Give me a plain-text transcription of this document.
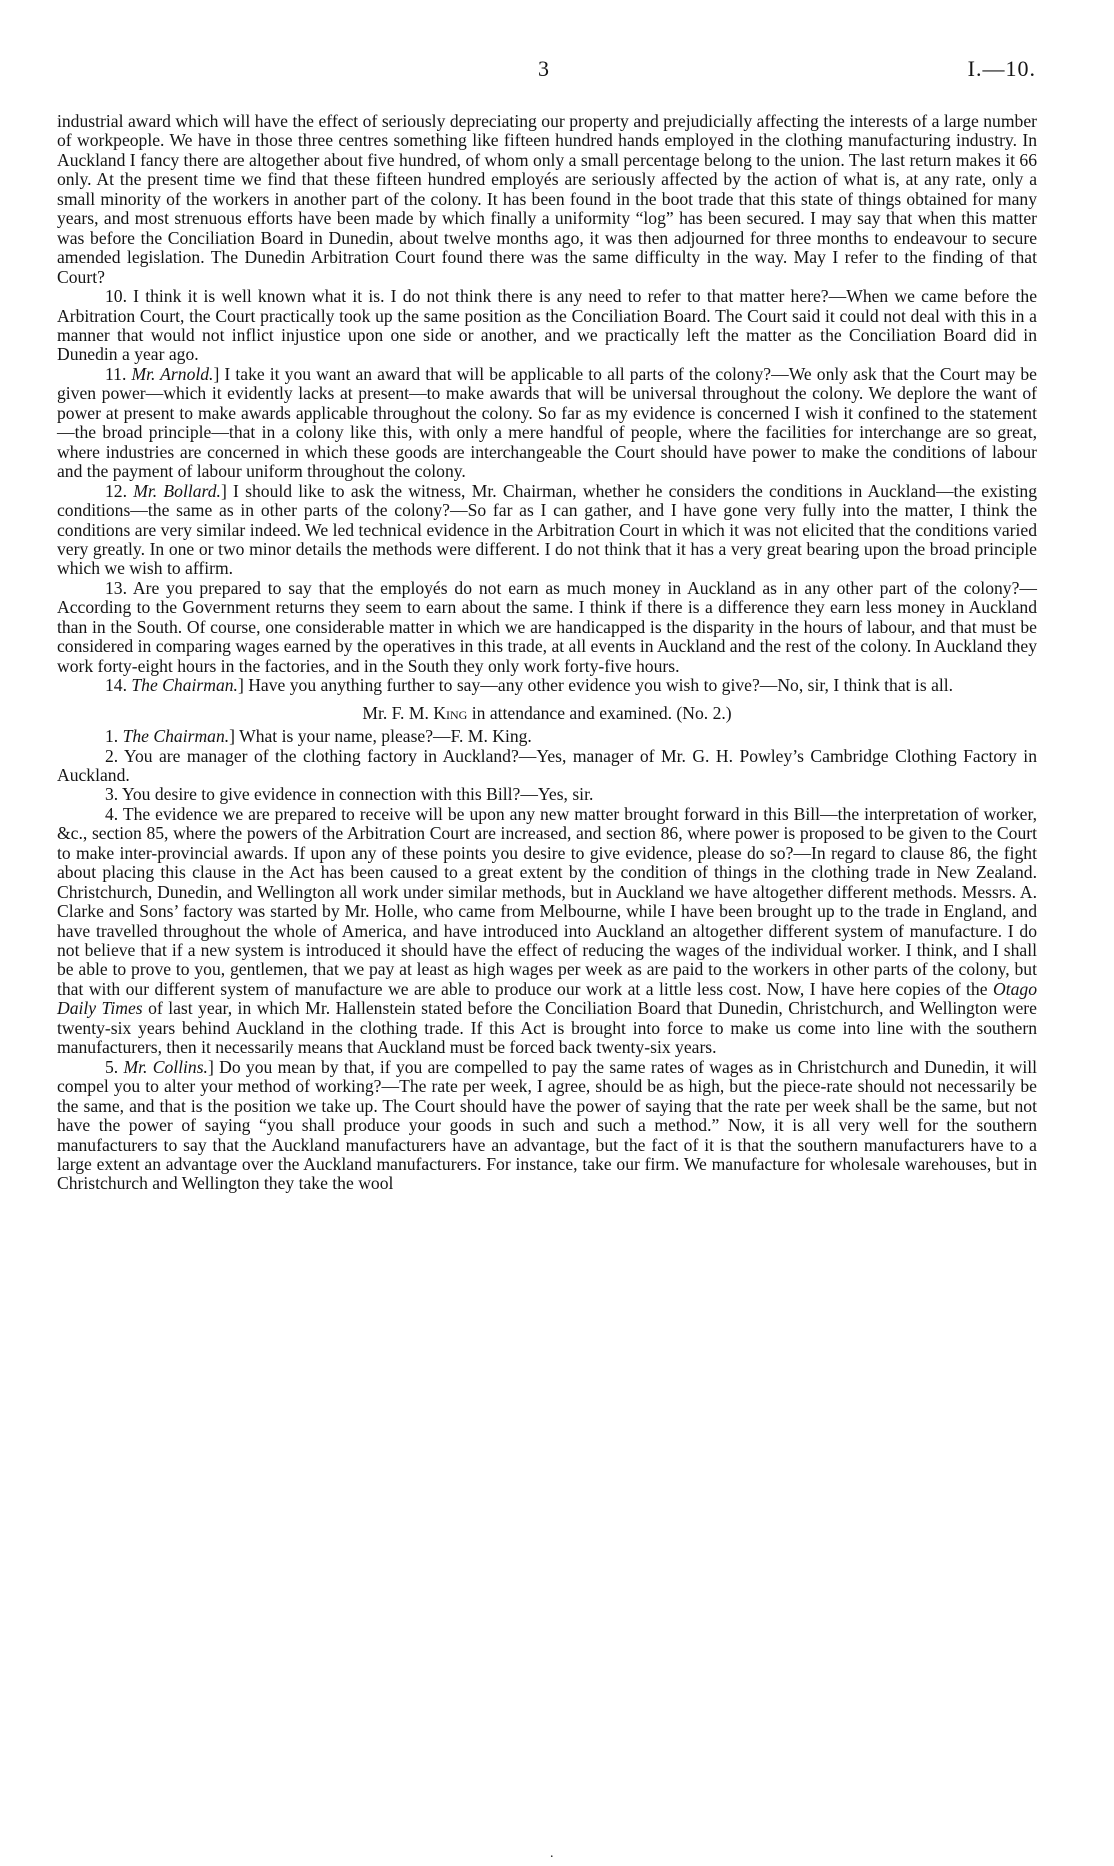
3	I.—10.

industrial award which will have the effect of seriously depreciating our property and prejudicially affecting the interests of a large number of workpeople. We have in those three centres something like fifteen hundred hands employed in the clothing manufacturing industry. In Auckland I fancy there are altogether about five hundred, of whom only a small percentage belong to the union. The last return makes it 66 only. At the present time we find that these fifteen hundred employés are seriously affected by the action of what is, at any rate, only a small minority of the workers in another part of the colony. It has been found in the boot trade that this state of things obtained for many years, and most strenuous efforts have been made by which finally a uniformity “log” has been secured. I may say that when this matter was before the Conciliation Board in Dunedin, about twelve months ago, it was then adjourned for three months to endeavour to secure amended legislation. The Dunedin Arbitration Court found there was the same difficulty in the way. May I refer to the finding of that Court?

10. I think it is well known what it is. I do not think there is any need to refer to that matter here?—When we came before the Arbitration Court, the Court practically took up the same position as the Conciliation Board. The Court said it could not deal with this in a manner that would not inflict injustice upon one side or another, and we practically left the matter as the Conciliation Board did in Dunedin a year ago.

11. Mr. Arnold.] I take it you want an award that will be applicable to all parts of the colony?—We only ask that the Court may be given power—which it evidently lacks at present—to make awards that will be universal throughout the colony. We deplore the want of power at present to make awards applicable throughout the colony. So far as my evidence is concerned I wish it confined to the statement—the broad principle—that in a colony like this, with only a mere handful of people, where the facilities for interchange are so great, where industries are concerned in which these goods are interchangeable the Court should have power to make the conditions of labour and the payment of labour uniform throughout the colony.

12. Mr. Bollard.] I should like to ask the witness, Mr. Chairman, whether he considers the conditions in Auckland—the existing conditions—the same as in other parts of the colony?—So far as I can gather, and I have gone very fully into the matter, I think the conditions are very similar indeed. We led technical evidence in the Arbitration Court in which it was not elicited that the conditions varied very greatly. In one or two minor details the methods were different. I do not think that it has a very great bearing upon the broad principle which we wish to affirm.

13. Are you prepared to say that the employés do not earn as much money in Auckland as in any other part of the colony?—According to the Government returns they seem to earn about the same. I think if there is a difference they earn less money in Auckland than in the South. Of course, one considerable matter in which we are handicapped is the disparity in the hours of labour, and that must be considered in comparing wages earned by the operatives in this trade, at all events in Auckland and the rest of the colony. In Auckland they work forty-eight hours in the factories, and in the South they only work forty-five hours.

14. The Chairman.] Have you anything further to say—any other evidence you wish to give?—No, sir, I think that is all.

Mr. F. M. King in attendance and examined. (No. 2.)

1. The Chairman.] What is your name, please?—F. M. King.

2. You are manager of the clothing factory in Auckland?—Yes, manager of Mr. G. H. Powley’s Cambridge Clothing Factory in Auckland.

3. You desire to give evidence in connection with this Bill?—Yes, sir.

4. The evidence we are prepared to receive will be upon any new matter brought forward in this Bill—the interpretation of worker, &c., section 85, where the powers of the Arbitration Court are increased, and section 86, where power is proposed to be given to the Court to make inter-provincial awards. If upon any of these points you desire to give evidence, please do so?—In regard to clause 86, the fight about placing this clause in the Act has been caused to a great extent by the condition of things in the clothing trade in New Zealand. Christchurch, Dunedin, and Wellington all work under similar methods, but in Auckland we have altogether different methods. Messrs. A. Clarke and Sons’ factory was started by Mr. Holle, who came from Melbourne, while I have been brought up to the trade in England, and have travelled throughout the whole of America, and have introduced into Auckland an altogether different system of manufacture. I do not believe that if a new system is introduced it should have the effect of reducing the wages of the individual worker. I think, and I shall be able to prove to you, gentlemen, that we pay at least as high wages per week as are paid to the workers in other parts of the colony, but that with our different system of manufacture we are able to produce our work at a little less cost. Now, I have here copies of the Otago Daily Times of last year, in which Mr. Hallenstein stated before the Conciliation Board that Dunedin, Christchurch, and Wellington were twenty-six years behind Auckland in the clothing trade. If this Act is brought into force to make us come into line with the southern manufacturers, then it necessarily means that Auckland must be forced back twenty-six years.

5. Mr. Collins.] Do you mean by that, if you are compelled to pay the same rates of wages as in Christchurch and Dunedin, it will compel you to alter your method of working?—The rate per week, I agree, should be as high, but the piece-rate should not necessarily be the same, and that is the position we take up. The Court should have the power of saying that the rate per week shall be the same, but not have the power of saying “you shall produce your goods in such and such a method.” Now, it is all very well for the southern manufacturers to say that the Auckland manufacturers have an advantage, but the fact of it is that the southern manufacturers have to a large extent an advantage over the Auckland manufacturers. For instance, take our firm. We manufacture for wholesale warehouses, but in Christchurch and Wellington they take the wool

.
